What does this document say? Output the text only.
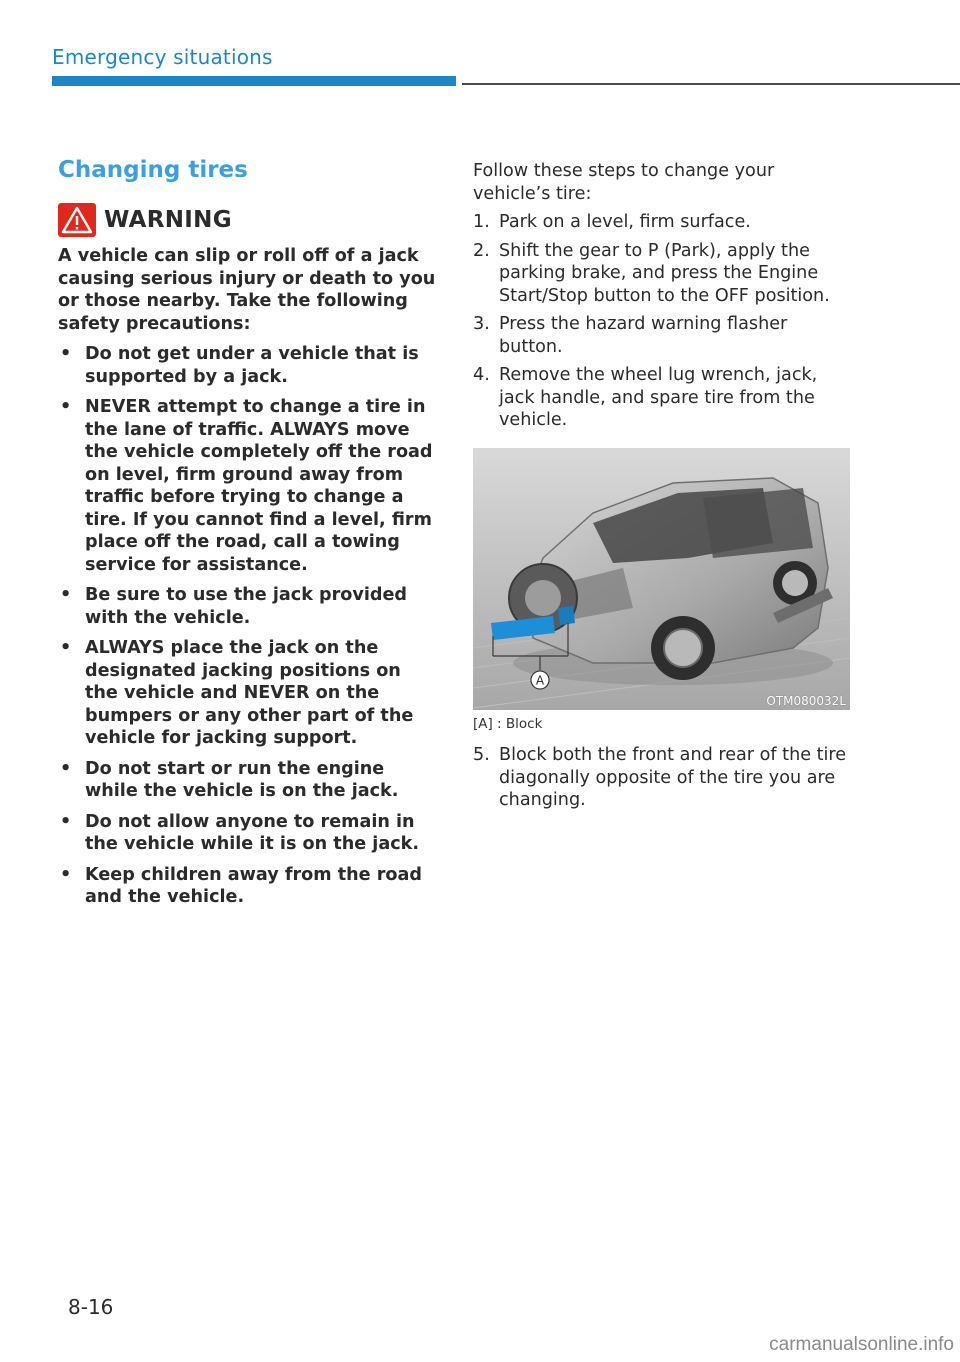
Emergency situations
Changing tires
WARNING

A vehicle can slip or roll off of a jack causing serious injury or death to you or those nearby. Take the following safety precautions:

• Do not get under a vehicle that is supported by a jack.
• NEVER attempt to change a tire in the lane of traffic. ALWAYS move the vehicle completely off the road on level, firm ground away from traffic before trying to change a tire. If you cannot find a level, firm place off the road, call a towing service for assistance.
• Be sure to use the jack provided with the vehicle.
• ALWAYS place the jack on the designated jacking positions on the vehicle and NEVER on the bumpers or any other part of the vehicle for jacking support.
• Do not start or run the engine while the vehicle is on the jack.
• Do not allow anyone to remain in the vehicle while it is on the jack.
• Keep children away from the road and the vehicle.

Follow these steps to change your vehicle’s tire:

1. Park on a level, firm surface.
2. Shift the gear to P (Park), apply the parking brake, and press the Engine Start/Stop button to the OFF position.
3. Press the hazard warning flasher button.
4. Remove the wheel lug wrench, jack, jack handle, and spare tire from the vehicle.
A
OTM080032L
[A] : Block
5. Block both the front and rear of the tire diagonally opposite of the tire you are changing.
8-16
carmanualsonline.info
